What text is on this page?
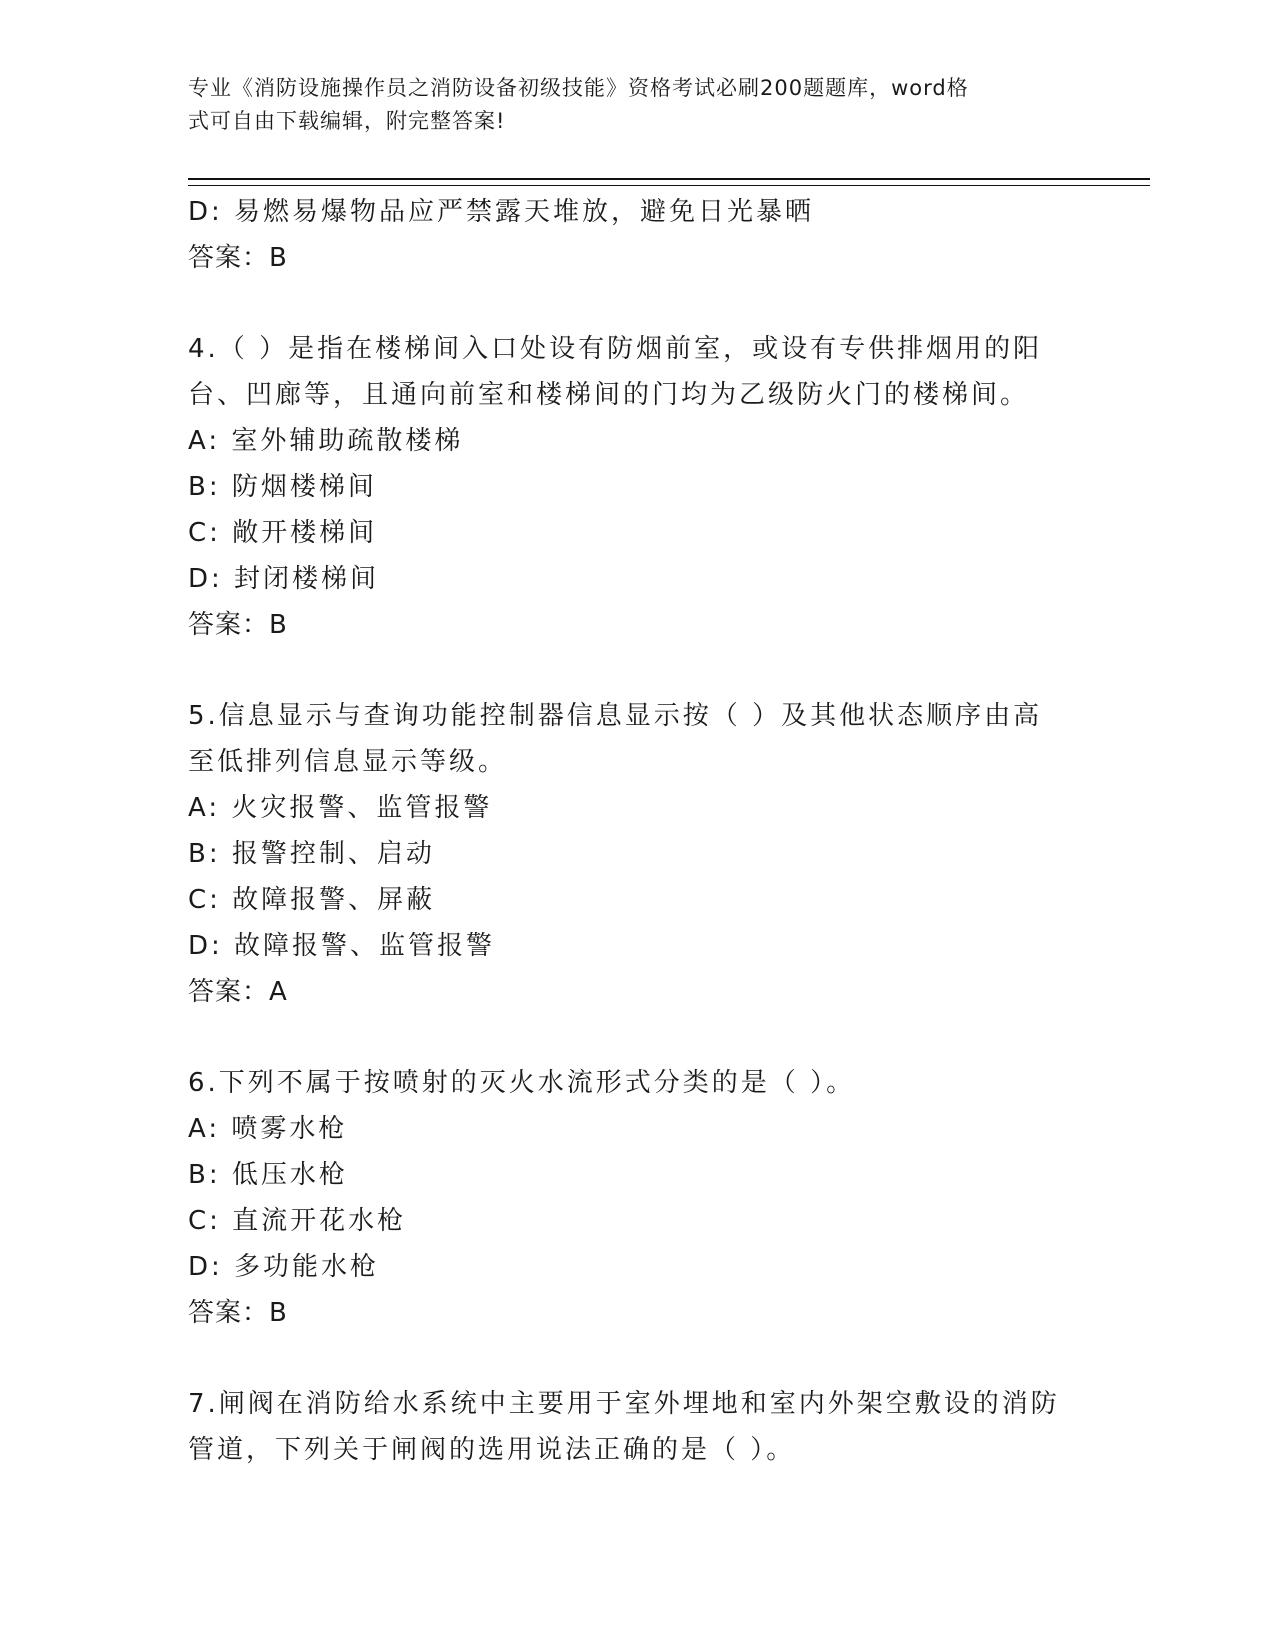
专业《消防设施操作员之消防设备初级技能》资格考试必刷200题题库，word格
式可自由下载编辑，附完整答案!
D: 易燃易爆物品应严禁露天堆放，避免日光暴晒
答案：B
4.（ ）是指在楼梯间入口处设有防烟前室，或设有专供排烟用的阳
台、凹廊等，且通向前室和楼梯间的门均为乙级防火门的楼梯间。
A: 室外辅助疏散楼梯
B: 防烟楼梯间
C: 敞开楼梯间
D: 封闭楼梯间
答案：B
5.信息显示与查询功能控制器信息显示按（ ）及其他状态顺序由高
至低排列信息显示等级。
A: 火灾报警、监管报警
B: 报警控制、启动
C: 故障报警、屏蔽
D: 故障报警、监管报警
答案：A
6.下列不属于按喷射的灭火水流形式分类的是（ ）。
A: 喷雾水枪
B: 低压水枪
C: 直流开花水枪
D: 多功能水枪
答案：B
7.闸阀在消防给水系统中主要用于室外埋地和室内外架空敷设的消防
管道，下列关于闸阀的选用说法正确的是（ ）。
